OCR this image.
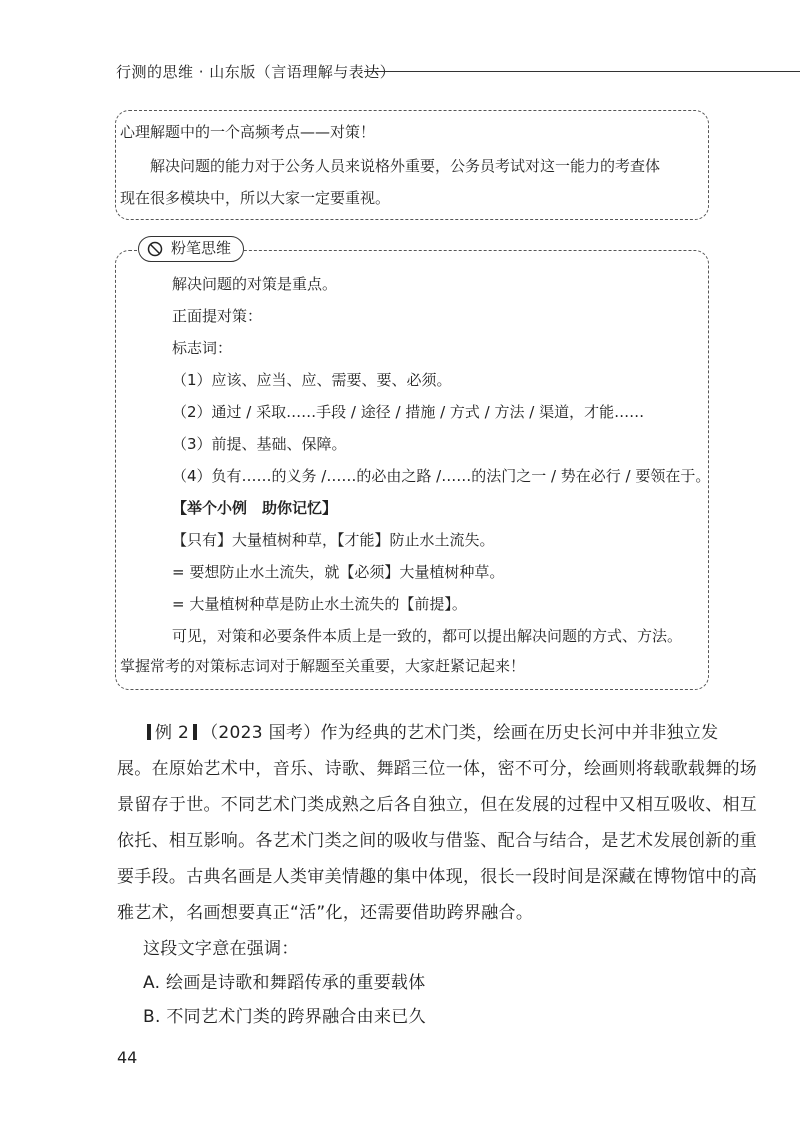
行测的思维 · 山东版（言语理解与表达）
心理解题中的一个高频考点——对策！
　　解决问题的能力对于公务人员来说格外重要，公务员考试对这一能力的考查体
现在很多模块中，所以大家一定要重视。
解决问题的对策是重点。
正面提对策：
标志词：
（1）应该、应当、应、需要、要、必须。
（2）通过 / 采取……手段 / 途径 / 措施 / 方式 / 方法 / 渠道，才能……
（3）前提、基础、保障。
（4）负有……的义务 /……的必由之路 /……的法门之一 / 势在必行 / 要领在于。
【举个小例　助你记忆】
【只有】大量植树种草，【才能】防止水土流失。
= 要想防止水土流失，就【必须】大量植树种草。
= 大量植树种草是防止水土流失的【前提】。
可见，对策和必要条件本质上是一致的，都可以提出解决问题的方式、方法。
掌握常考的对策标志词对于解题至关重要，大家赶紧记起来！
粉笔思维
例 2 （2023 国考）作为经典的艺术门类，绘画在历史长河中并非独立发
展。在原始艺术中，音乐、诗歌、舞蹈三位一体，密不可分，绘画则将载歌载舞的场
景留存于世。不同艺术门类成熟之后各自独立，但在发展的过程中又相互吸收、相互
依托、相互影响。各艺术门类之间的吸收与借鉴、配合与结合，是艺术发展创新的重
要手段。古典名画是人类审美情趣的集中体现，很长一段时间是深藏在博物馆中的高
雅艺术，名画想要真正“活”化，还需要借助跨界融合。
这段文字意在强调：
A. 绘画是诗歌和舞蹈传承的重要载体
B. 不同艺术门类的跨界融合由来已久
44
